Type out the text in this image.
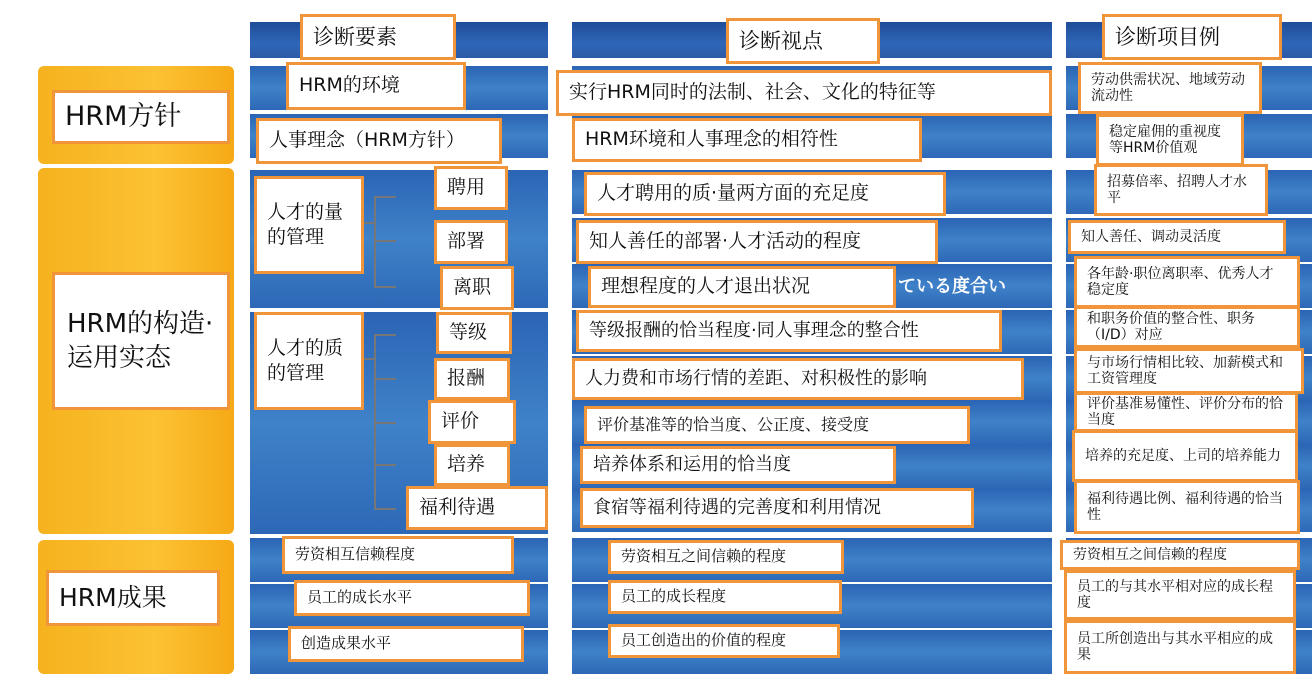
ている度合い
诊断要素	诊断视点	诊断项目例
HRM方针
HRM的构造·运用实态
HRM成果
HRM的环境
人事理念（HRM方针）
人才的量的管理
人才的质的管理
聘用
部署
离职
等级
报酬
评价
培养
福利待遇
劳资相互信赖程度
员工的成长水平
创造成果水平
实行HRM同时的法制、社会、文化的特征等
HRM环境和人事理念的相符性
人才聘用的质·量两方面的充足度
知人善任的部署·人才活动的程度
理想程度的人才退出状况
等级报酬的恰当程度·同人事理念的整合性
人力费和市场行情的差距、对积极性的影响
评价基准等的恰当度、公正度、接受度
培养体系和运用的恰当度
食宿等福利待遇的完善度和利用情况
劳资相互之间信赖的程度
员工的成长程度
员工创造出的价值的程度
劳动供需状况、地域劳动流动性
稳定雇佣的重视度等HRM价值观
招募倍率、招聘人才水平
知人善任、调动灵活度
各年龄·职位离职率、优秀人才稳定度
和职务价值的整合性、职务（I/D）对应
与市场行情相比较、加薪模式和工资管理度
评价基准易懂性、评价分布的恰当度
培养的充足度、上司的培养能力
福利待遇比例、福利待遇的恰当性
劳资相互之间信赖的程度
员工的与其水平相对应的成长程度
员工所创造出与其水平相应的成果
